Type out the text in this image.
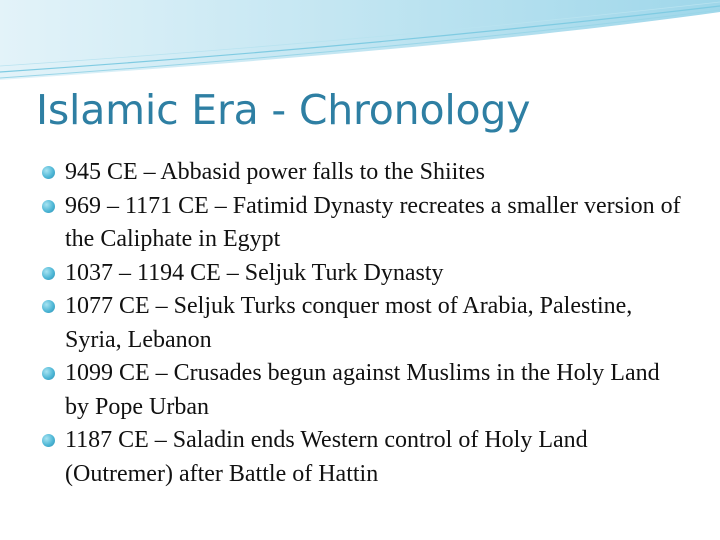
Islamic Era - Chronology
945 CE – Abbasid power falls to the Shiites
969 – 1171 CE – Fatimid Dynasty recreates a smaller version of the Caliphate in Egypt
1037 – 1194 CE – Seljuk Turk Dynasty
1077 CE – Seljuk Turks conquer most of Arabia, Palestine, Syria, Lebanon
1099 CE – Crusades begun against Muslims in the Holy Land by Pope Urban
1187 CE – Saladin ends Western control of Holy Land (Outremer) after Battle of Hattin
